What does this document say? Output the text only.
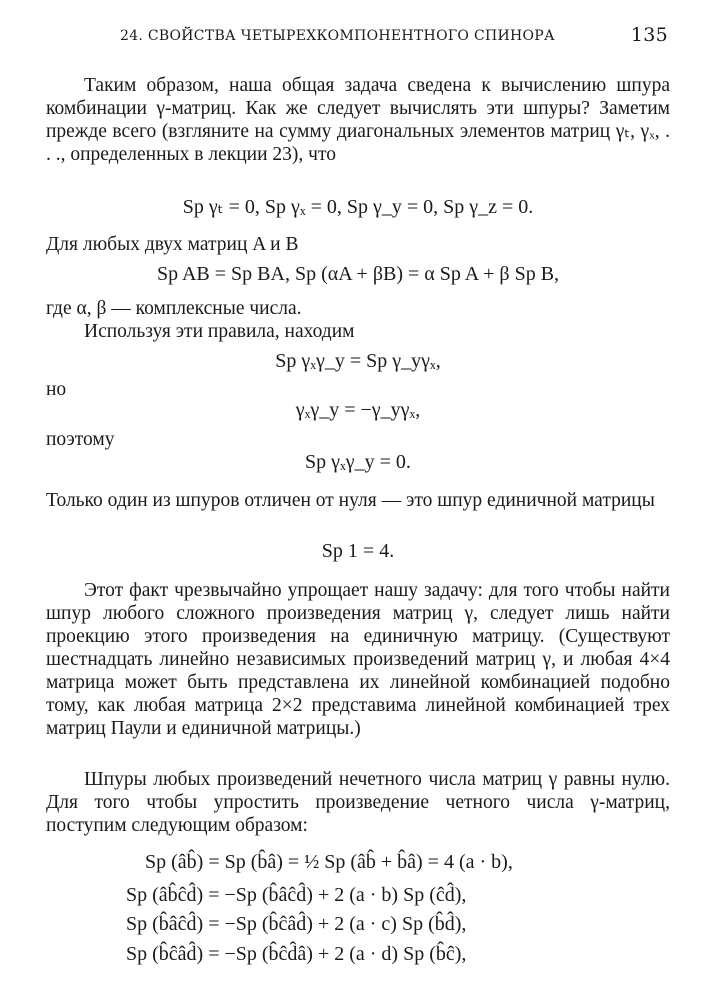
24. СВОЙСТВА ЧЕТЫРЕХКОМПОНЕНТНОГО СПИНОРА	135
Таким образом, наша общая задача сведена к вычислению шпура комбинации γ-матриц. Как же следует вычислять эти шпуры? Заметим прежде всего (взгляните на сумму диагональных элементов матриц γₜ, γₓ, . . ., определенных в лекции 23), что
Sp γₜ = 0, Sp γₓ = 0, Sp γ_y = 0, Sp γ_z = 0.
Для любых двух матриц A и B
Sp AB = Sp BA, Sp (αA + βB) = α Sp A + β Sp B,
где α, β — комплексные числа.
Используя эти правила, находим
Sp γₓγ_y = Sp γ_yγₓ,
но
γₓγ_y = −γ_yγₓ,
поэтому
Sp γₓγ_y = 0.
Только один из шпуров отличен от нуля — это шпур единичной матрицы
Sp 1 = 4.
Этот факт чрезвычайно упрощает нашу задачу: для того чтобы найти шпур любого сложного произведения матриц γ, следует лишь найти проекцию этого произведения на единичную матрицу. (Существуют шестнадцать линейно независимых произведений матриц γ, и любая 4×4 матрица может быть представлена их линейной комбинацией подобно тому, как любая матрица 2×2 представима линейной комбинацией трех матриц Паули и единичной матрицы.)
Шпуры любых произведений нечетного числа матриц γ равны нулю. Для того чтобы упростить произведение четного числа γ-матриц, поступим следующим образом:
Sp (âb̂) = Sp (b̂â) = ½ Sp (âb̂ + b̂â) = 4 (a · b),
Sp (âb̂ĉd̂) = −Sp (b̂âĉd̂) + 2 (a · b) Sp (ĉd̂),
Sp (b̂âĉd̂) = −Sp (b̂ĉâd̂) + 2 (a · c) Sp (b̂d̂),
Sp (b̂ĉâd̂) = −Sp (b̂ĉd̂â) + 2 (a · d) Sp (b̂ĉ),
